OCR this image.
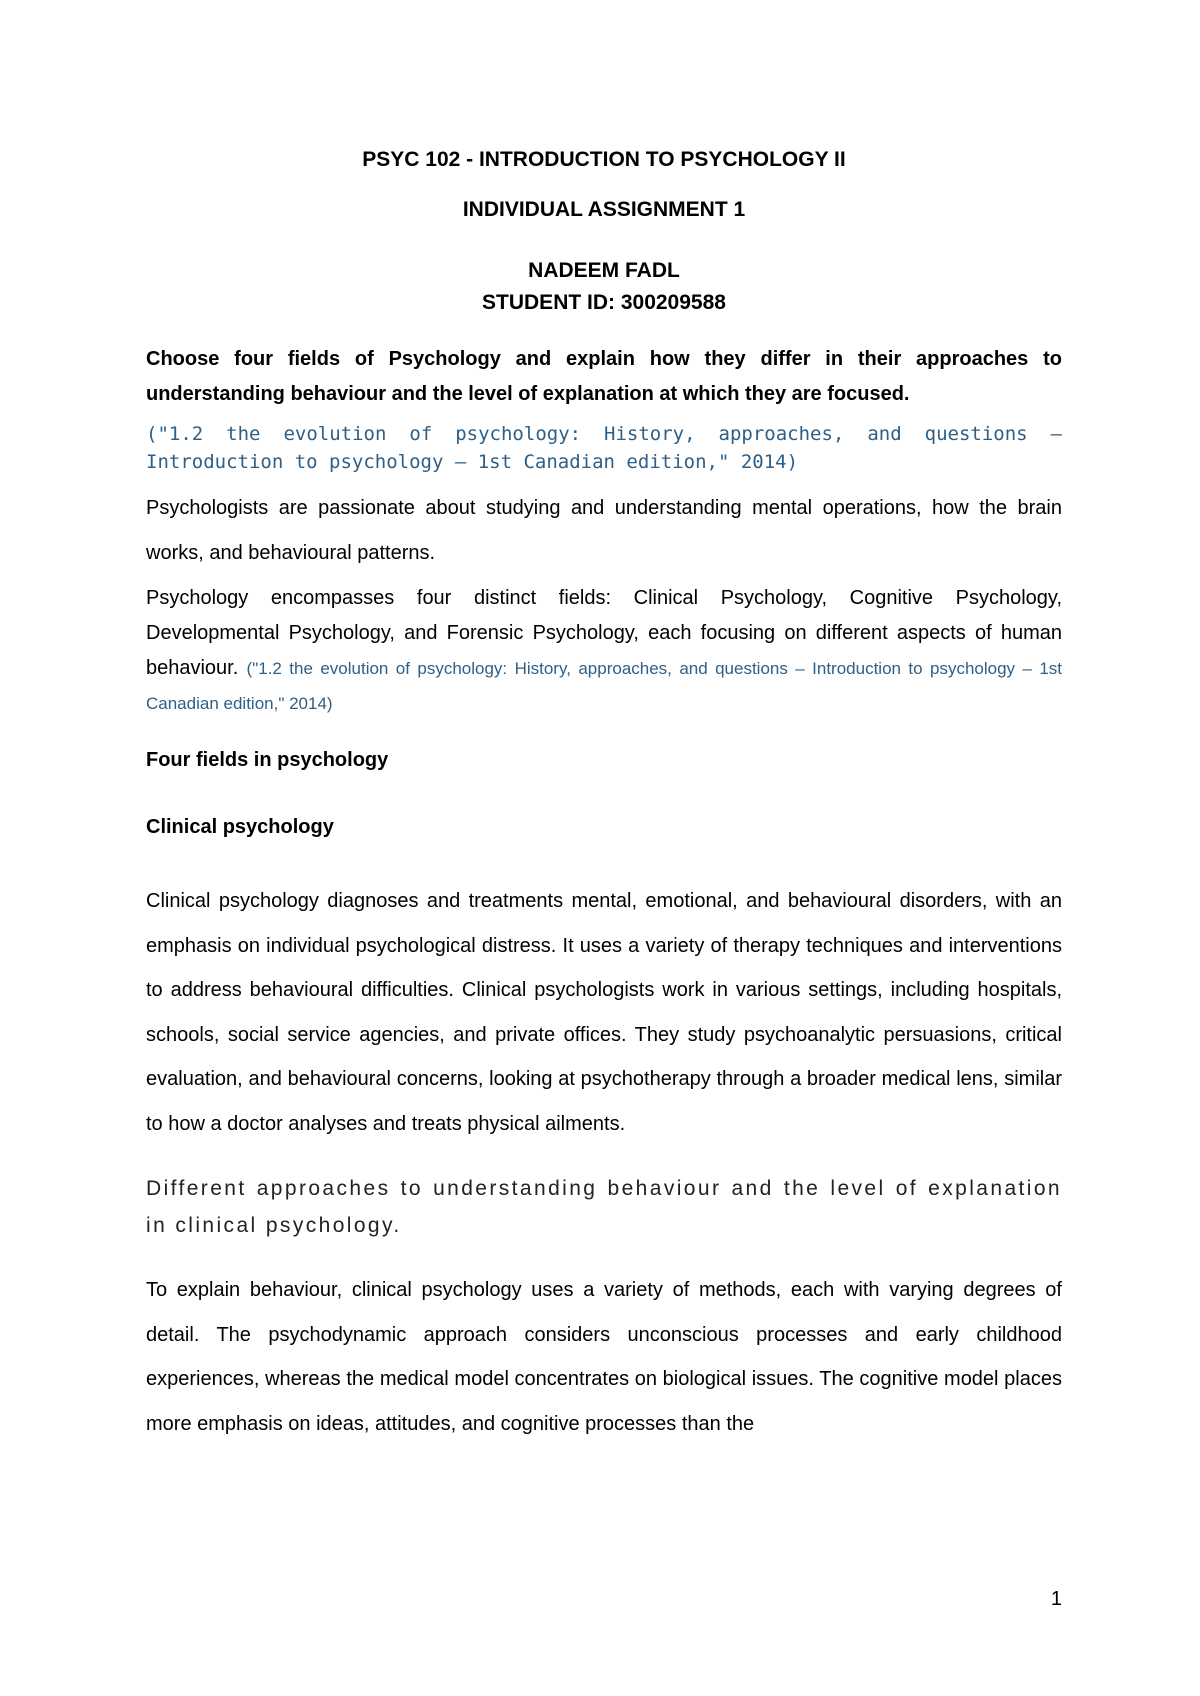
PSYC 102 - INTRODUCTION TO PSYCHOLOGY II
INDIVIDUAL ASSIGNMENT 1
NADEEM FADL
STUDENT ID: 300209588

Choose four fields of Psychology and explain how they differ in their approaches to understanding behaviour and the level of explanation at which they are focused.

("1.2 the evolution of psychology: History, approaches, and questions – Introduction to psychology – 1st Canadian edition," 2014)

Psychologists are passionate about studying and understanding mental operations, how the brain works, and behavioural patterns.

Psychology encompasses four distinct fields: Clinical Psychology, Cognitive Psychology, Developmental Psychology, and Forensic Psychology, each focusing on different aspects of human behaviour. ("1.2 the evolution of psychology: History, approaches, and questions – Introduction to psychology – 1st Canadian edition," 2014)

Four fields in psychology

Clinical psychology

Clinical psychology diagnoses and treatments mental, emotional, and behavioural disorders, with an emphasis on individual psychological distress. It uses a variety of therapy techniques and interventions to address behavioural difficulties. Clinical psychologists work in various settings, including hospitals, schools, social service agencies, and private offices. They study psychoanalytic persuasions, critical evaluation, and behavioural concerns, looking at psychotherapy through a broader medical lens, similar to how a doctor analyses and treats physical ailments.

Different approaches to understanding behaviour and the level of explanation in clinical psychology.

To explain behaviour, clinical psychology uses a variety of methods, each with varying degrees of detail. The psychodynamic approach considers unconscious processes and early childhood experiences, whereas the medical model concentrates on biological issues. The cognitive model places more emphasis on ideas, attitudes, and cognitive processes than the

1
